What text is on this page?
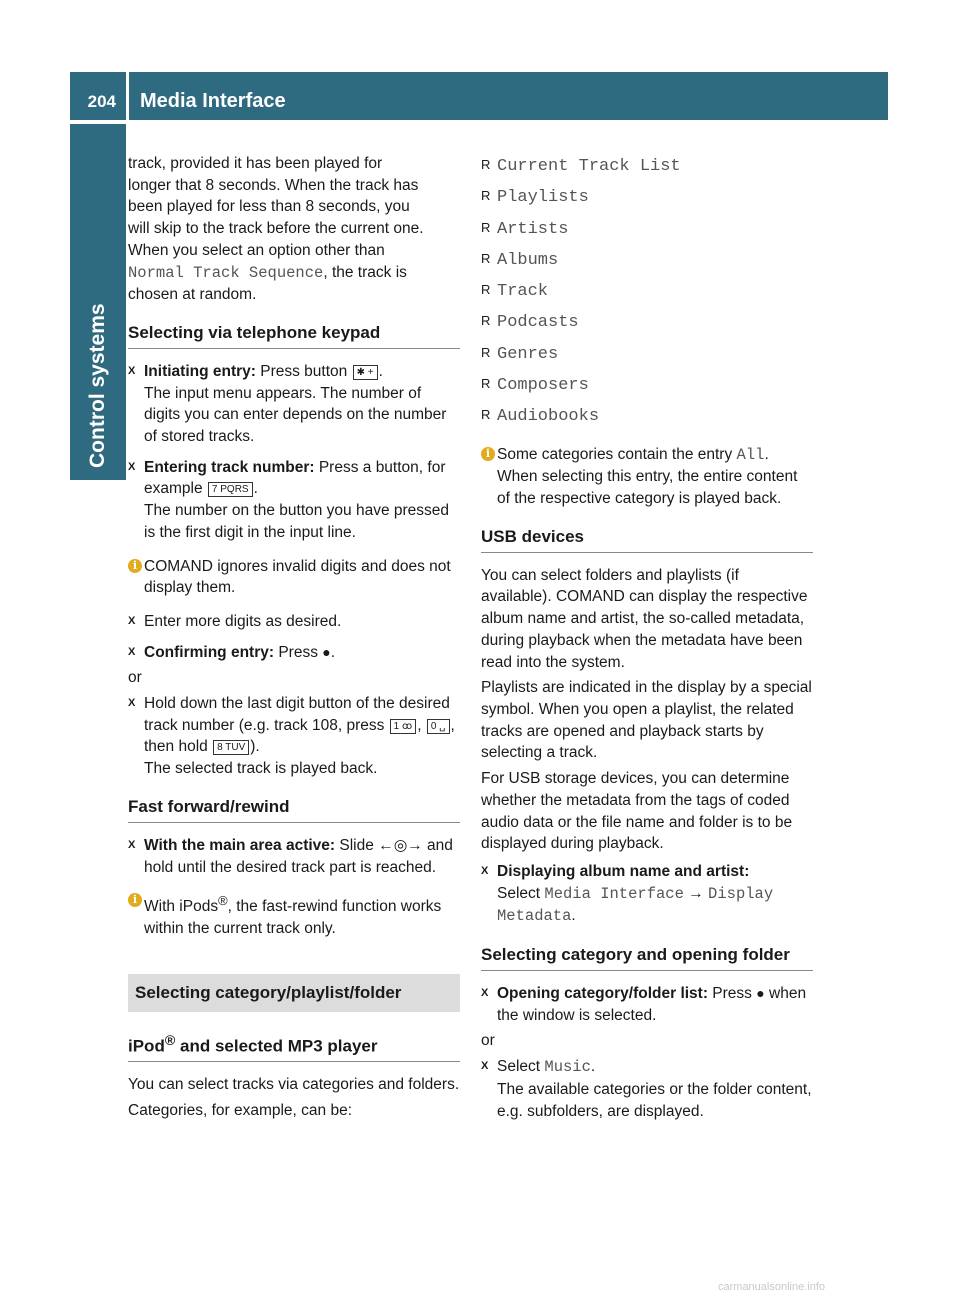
204 Media Interface
Control systems

track, provided it has been played for

longer that 8 seconds. When the track has

been played for less than 8 seconds, you

will skip to the track before the current one.

When you select an option other than

Normal Track Sequence, the track is

chosen at random.

Selecting via telephone keypad
X Initiating entry: Press button ✱ + .

The input menu appears. The number of digits you can enter depends on the number of stored tracks.

X Entering track number: Press a button, for example 7 PQRS .

The number on the button you have pressed is the first digit in the input line.

i COMAND ignores invalid digits and does not display them.
X Enter more digits as desired.
X Confirming entry: Press ●.

or

X Hold down the last digit button of the desired track number (e.g. track 108, press 1 ꝏ , 0 ␣ , then hold 8 TUV ).

The selected track is played back.

Fast forward/rewind
X With the main area active: Slide ←◎→ and hold until the desired track part is reached.
i With iPods®, the fast-rewind function works within the current track only.
Selecting category/playlist/folder
iPod® and selected MP3 player

You can select tracks via categories and folders.

Categories, for example, can be:

R Current Track List
R Playlists
R Artists
R Albums
R Track
R Podcasts
R Genres
R Composers
R Audiobooks
i Some categories contain the entry All. When selecting this entry, the entire content of the respective category is played back.
USB devices

You can select folders and playlists (if available). COMAND can display the respective album name and artist, the so-called metadata, during playback when the metadata have been read into the system.

Playlists are indicated in the display by a special symbol. When you open a playlist, the related tracks are opened and playback starts by selecting a track.

For USB storage devices, you can determine whether the metadata from the tags of coded audio data or the file name and folder is to be displayed during playback.

X Displaying album name and artist:
Select Media Interface → Display Metadata.
Selecting category and opening folder
X Opening category/folder list: Press ● when the window is selected.

or

X Select Music.

The available categories or the folder content, e.g. subfolders, are displayed.

carmanualsonline.info
